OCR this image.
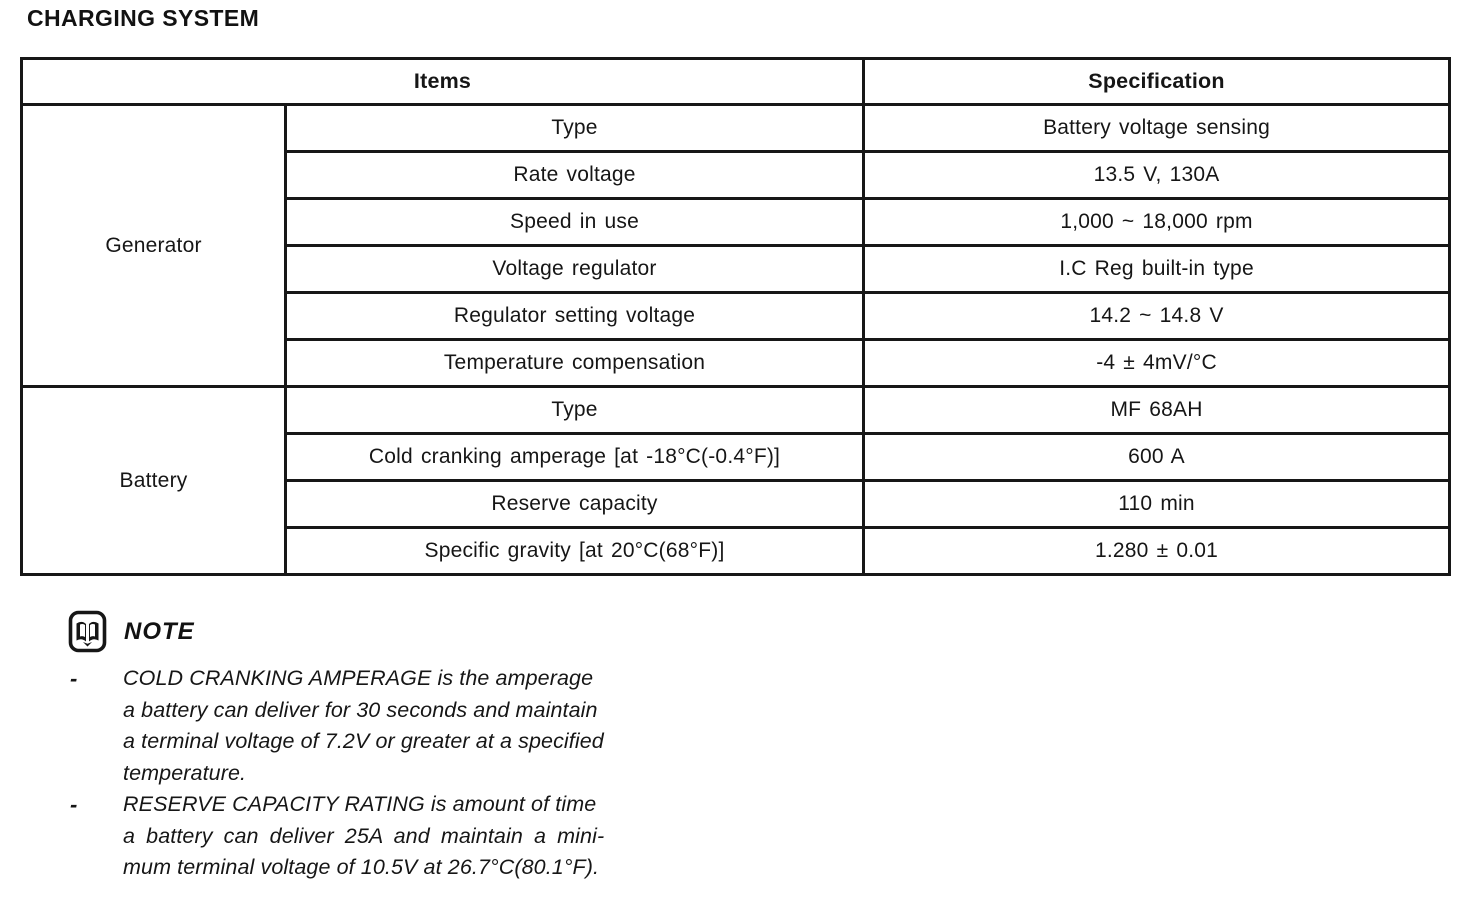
CHARGING SYSTEM
Items		Specification
Generator	Type	Battery voltage sensing
	Rate voltage	13.5 V, 130A
	Speed in use	1,000 ~ 18,000 rpm
	Voltage regulator	I.C Reg built-in type
	Regulator setting voltage	14.2 ~ 14.8 V
	Temperature compensation	-4 ± 4mV/°C
Battery	Type	MF 68AH
	Cold cranking amperage [at -18°C(-0.4°F)]	600 A
	Reserve capacity	110 min
	Specific gravity [at 20°C(68°F)]	1.280 ± 0.01
NOTE
-	COLD CRANKING AMPERAGE is the amperage
a battery can deliver for 30 seconds and maintain
a terminal voltage of 7.2V or greater at a specified
temperature.
-	RESERVE CAPACITY RATING is amount of time
a battery can deliver 25A and maintain a mini-
mum terminal voltage of 10.5V at 26.7°C(80.1°F).
